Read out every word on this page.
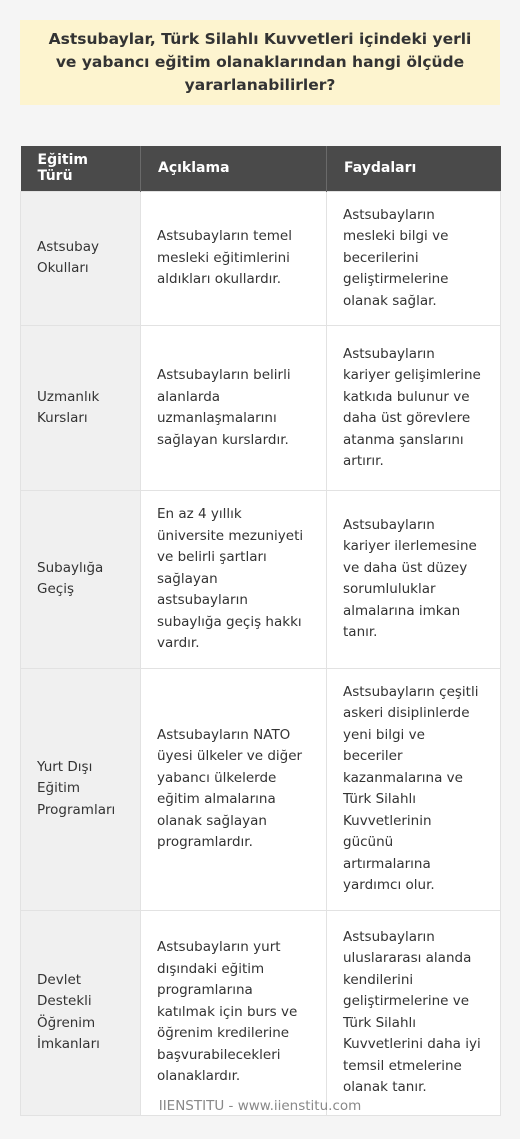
Astsubaylar, Türk Silahlı Kuvvetleri içindeki yerli ve yabancı eğitim olanaklarından hangi ölçüde yararlanabilirler?
Eğitim Türü	Açıklama	Faydaları
Astsubay Okulları	Astsubayların temel mesleki eğitimlerini aldıkları okullardır.	Astsubayların mesleki bilgi ve becerilerini geliştirmelerine olanak sağlar.
Uzmanlık Kursları	Astsubayların belirli alanlarda uzmanlaşmalarını sağlayan kurslardır.	Astsubayların kariyer gelişimlerine katkıda bulunur ve daha üst görevlere atanma şanslarını artırır.
Subaylığa Geçiş	En az 4 yıllık üniversite mezuniyeti ve belirli şartları sağlayan astsubayların subaylığa geçiş hakkı vardır.	Astsubayların kariyer ilerlemesine ve daha üst düzey sorumluluklar almalarına imkan tanır.
Yurt Dışı Eğitim Programları	Astsubayların NATO üyesi ülkeler ve diğer yabancı ülkelerde eğitim almalarına olanak sağlayan programlardır.	Astsubayların çeşitli askeri disiplinlerde yeni bilgi ve beceriler kazanmalarına ve Türk Silahlı Kuvvetlerinin gücünü artırmalarına yardımcı olur.
Devlet Destekli Öğrenim İmkanları	Astsubayların yurt dışındaki eğitim programlarına katılmak için burs ve öğrenim kredilerine başvurabilecekleri olanaklardır.	Astsubayların uluslararası alanda kendilerini geliştirmelerine ve Türk Silahlı Kuvvetlerini daha iyi temsil etmelerine olanak tanır.
IIENSTITU - www.iienstitu.com
